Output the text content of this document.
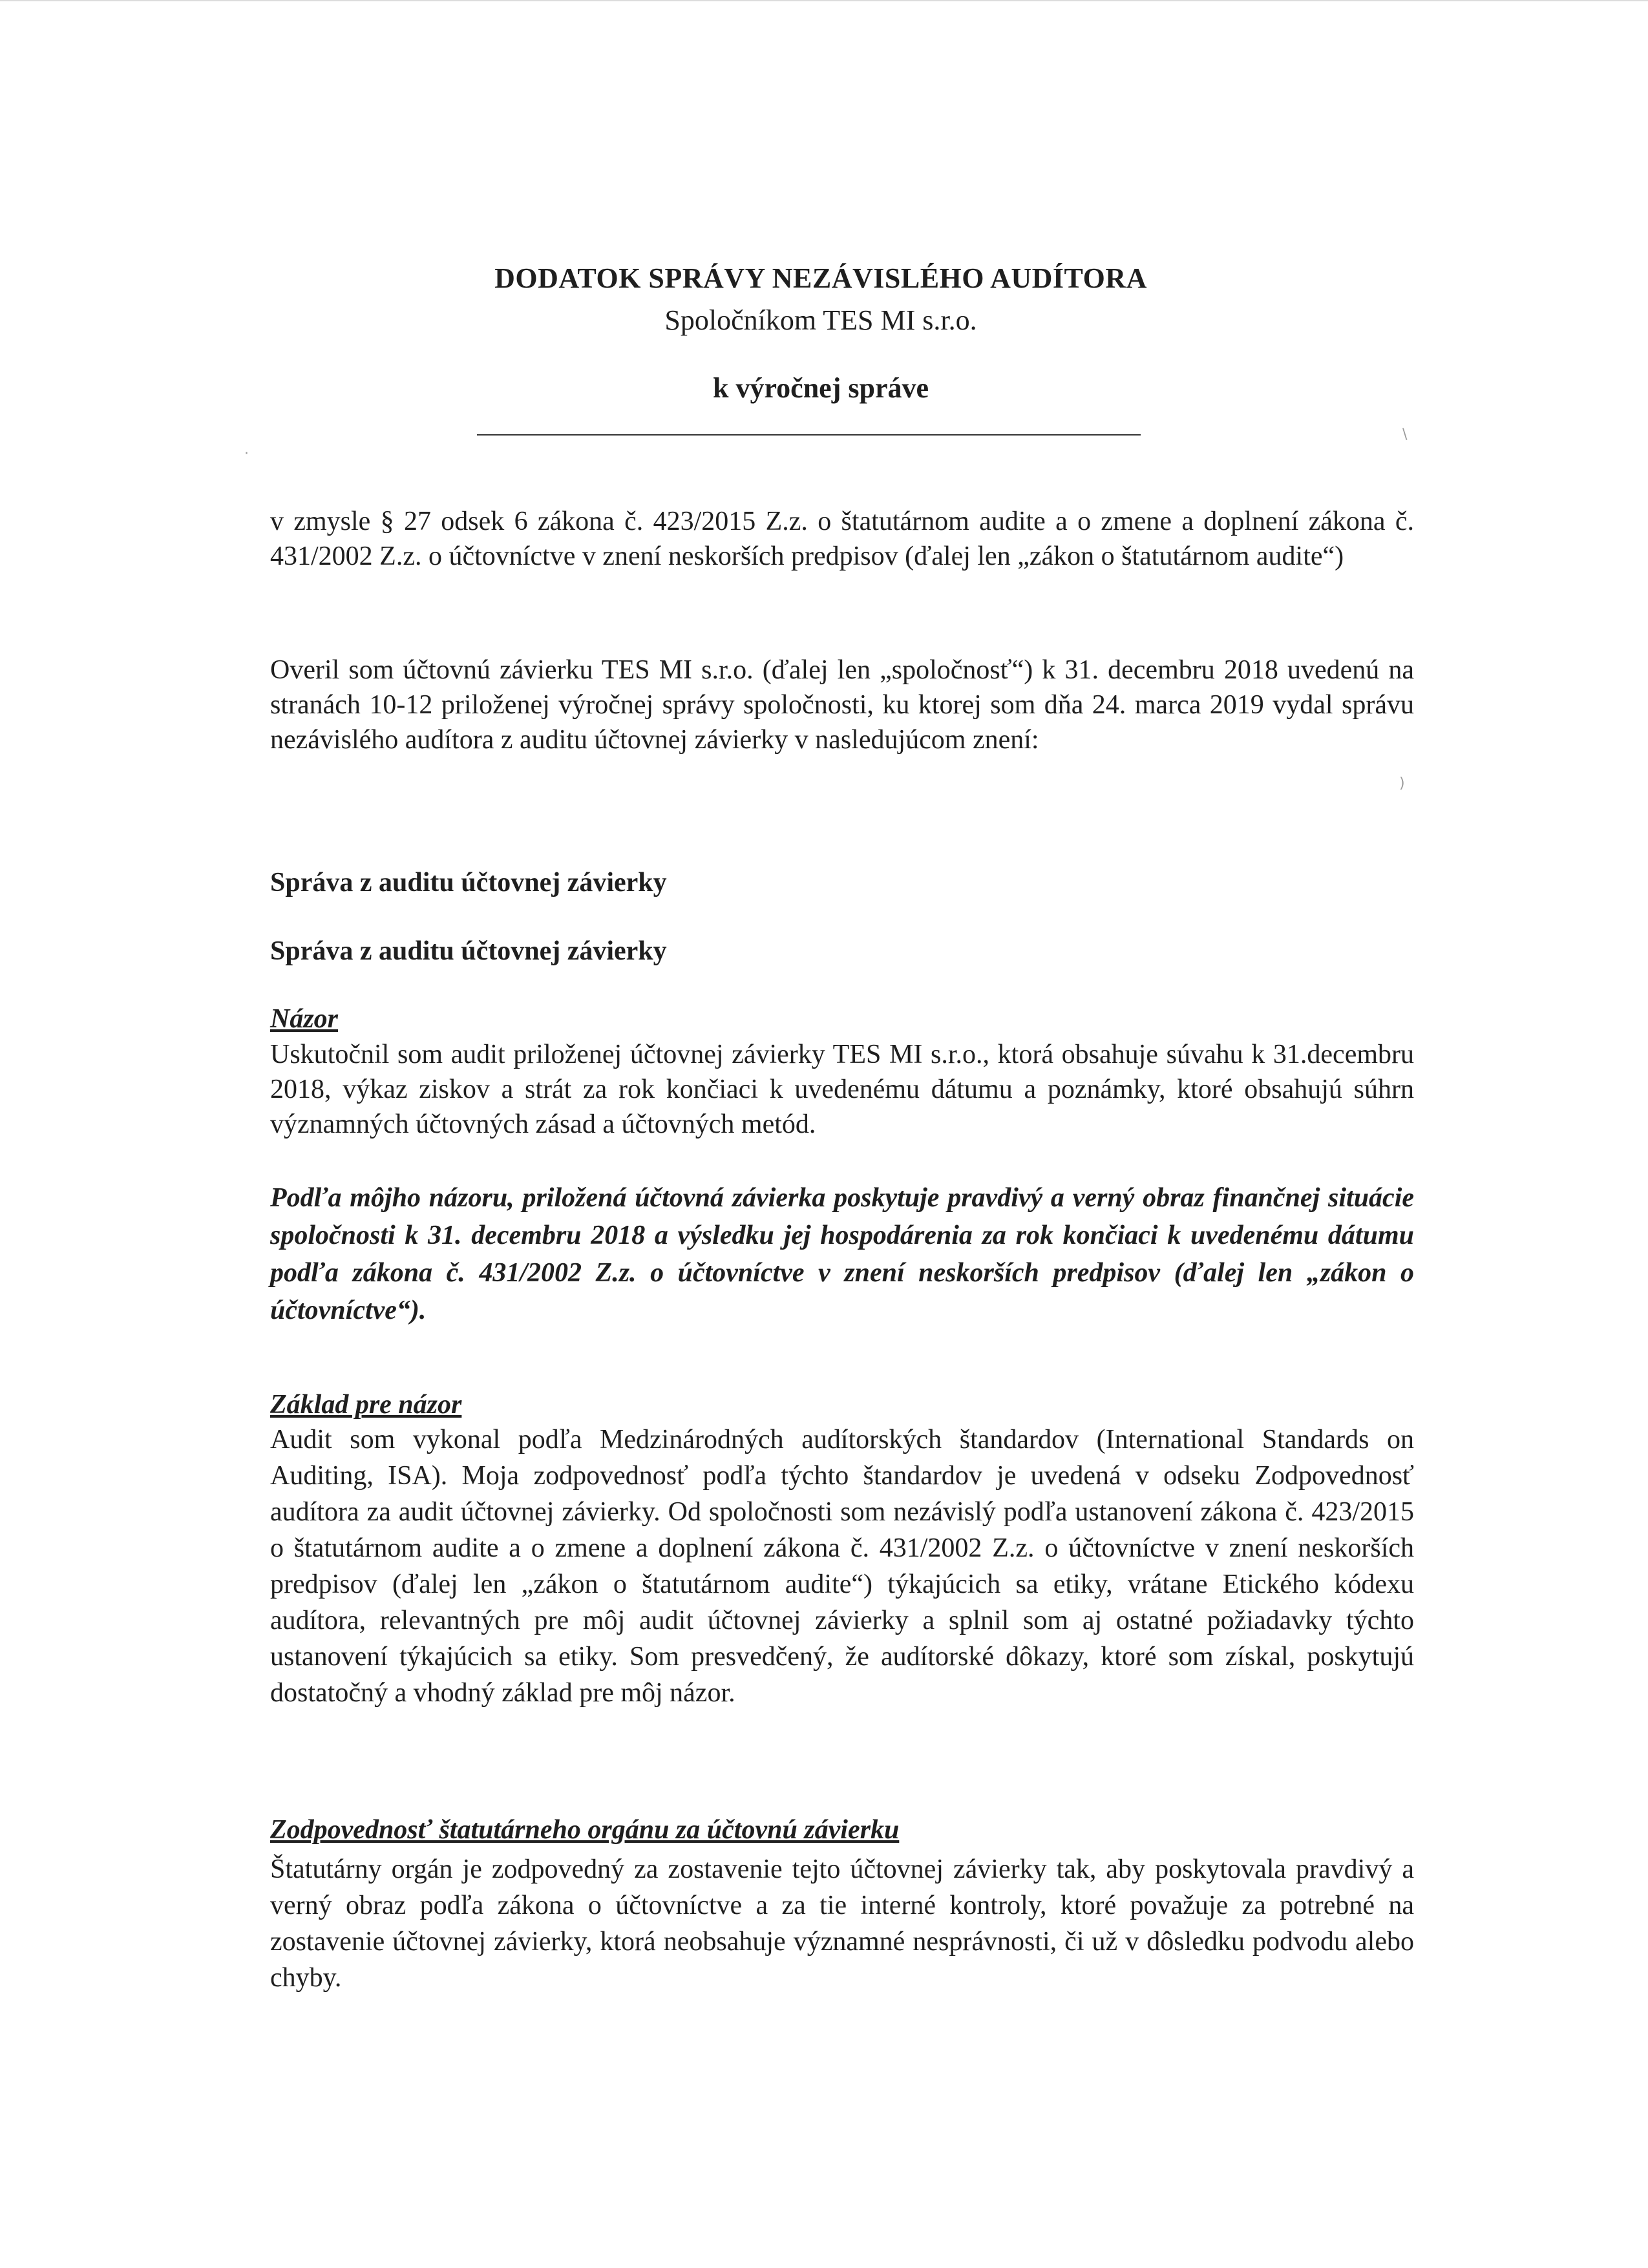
DODATOK SPRÁVY NEZÁVISLÉHO AUDÍTORA
Spoločníkom TES MI s.r.o.
k výročnej správe

v zmysle § 27 odsek 6 zákona č. 423/2015 Z.z. o štatutárnom audite a o zmene a doplnení zákona č. 431/2002 Z.z. o účtovníctve v znení neskorších predpisov (ďalej len „zákon o štatutárnom audite“)

Overil som účtovnú závierku TES MI s.r.o. (ďalej len „spoločnosť“) k 31. decembru 2018 uvedenú na stranách 10-12 priloženej výročnej správy spoločnosti, ku ktorej som dňa 24. marca 2019 vydal správu nezávislého audítora z auditu účtovnej závierky v nasledujúcom znení:

Správa z auditu účtovnej závierky

Správa z auditu účtovnej závierky

Názor

Uskutočnil som audit priloženej účtovnej závierky TES MI s.r.o., ktorá obsahuje súvahu k 31.decembru 2018, výkaz ziskov a strát za rok končiaci k uvedenému dátumu a poznámky, ktoré obsahujú súhrn významných účtovných zásad a účtovných metód.

Podľa môjho názoru, priložená účtovná závierka poskytuje pravdivý a verný obraz finančnej situácie spoločnosti k 31. decembru 2018 a výsledku jej hospodárenia za rok končiaci k uvedenému dátumu podľa zákona č. 431/2002 Z.z. o účtovníctve v znení neskorších predpisov (ďalej len „zákon o účtovníctve“).

Základ pre názor

Audit som vykonal podľa Medzinárodných audítorských štandardov (International Standards on Auditing, ISA). Moja zodpovednosť podľa týchto štandardov je uvedená v odseku Zodpovednosť audítora za audit účtovnej závierky. Od spoločnosti som nezávislý podľa ustanovení zákona č. 423/2015 o štatutárnom audite a o zmene a doplnení zákona č. 431/2002 Z.z. o účtovníctve v znení neskorších predpisov (ďalej len „zákon o štatutárnom audite“) týkajúcich sa etiky, vrátane Etického kódexu audítora, relevantných pre môj audit účtovnej závierky a splnil som aj ostatné požiadavky týchto ustanovení týkajúcich sa etiky. Som presvedčený, že audítorské dôkazy, ktoré som získal, poskytujú dostatočný a vhodný základ pre môj názor.

Zodpovednosť štatutárneho orgánu za účtovnú závierku

Štatutárny orgán je zodpovedný za zostavenie tejto účtovnej závierky tak, aby poskytovala pravdivý a verný obraz podľa zákona o účtovníctve a za tie interné kontroly, ktoré považuje za potrebné na zostavenie účtovnej závierky, ktorá neobsahuje významné nesprávnosti, či už v dôsledku podvodu alebo chyby.

\
)
·
